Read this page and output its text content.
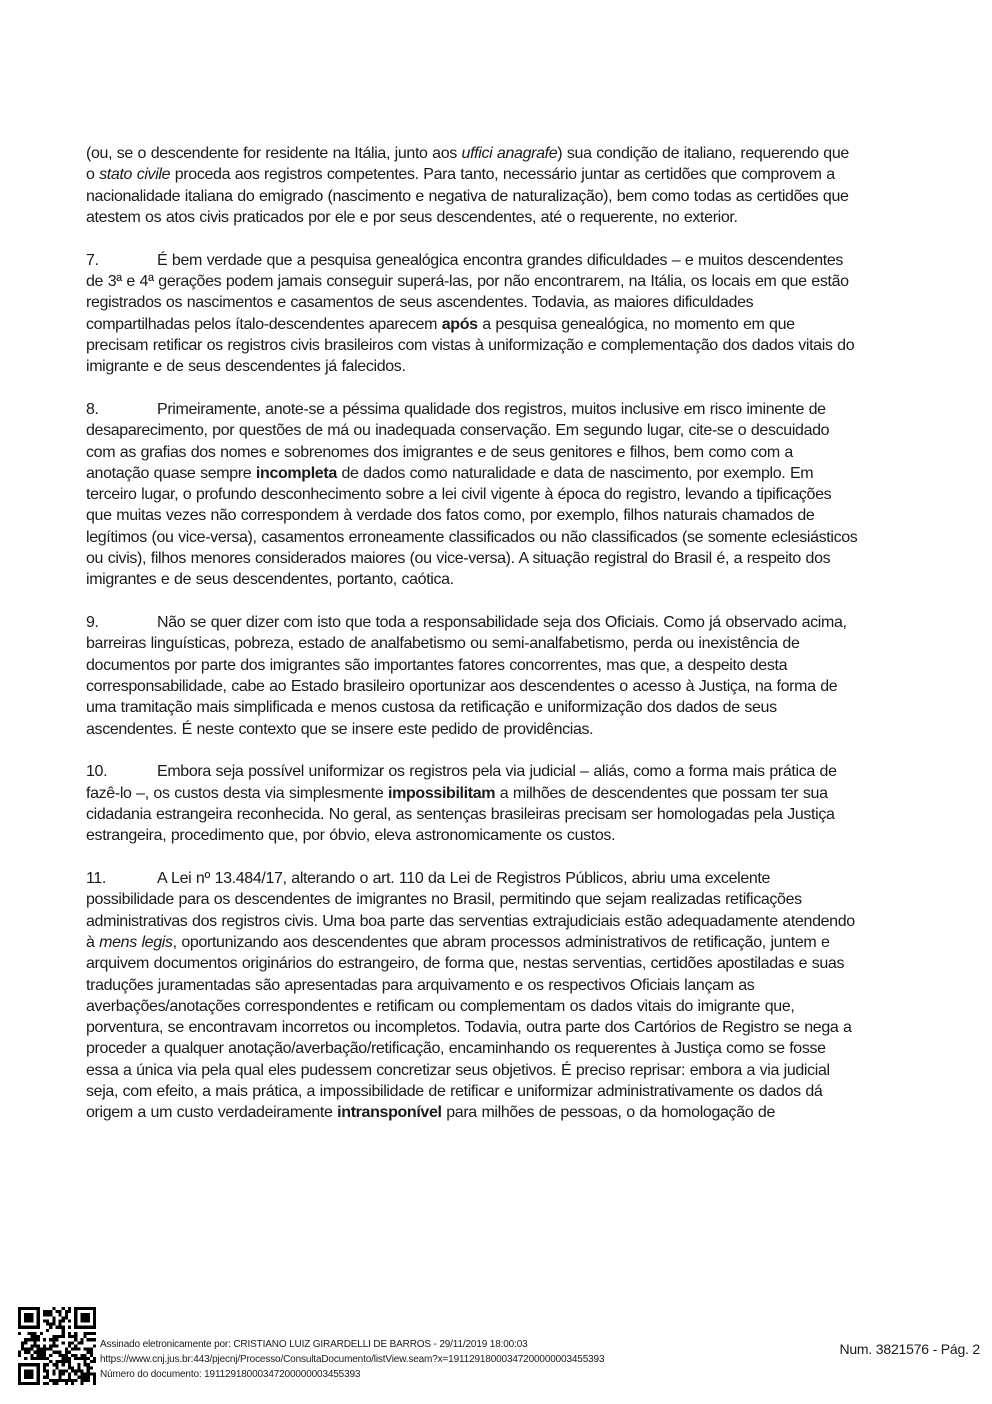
(ou, se o descendente for residente na Itália, junto aos uffici anagrafe) sua condição de italiano, requerendo que o stato civile proceda aos registros competentes. Para tanto, necessário juntar as certidões que comprovem a nacionalidade italiana do emigrado (nascimento e negativa de naturalização), bem como todas as certidões que atestem os atos civis praticados por ele e por seus descendentes, até o requerente, no exterior.

7.	É bem verdade que a pesquisa genealógica encontra grandes dificuldades – e muitos descendentes de 3ª e 4ª gerações podem jamais conseguir superá-las, por não encontrarem, na Itália, os locais em que estão registrados os nascimentos e casamentos de seus ascendentes. Todavia, as maiores dificuldades compartilhadas pelos ítalo-descendentes aparecem após a pesquisa genealógica, no momento em que precisam retificar os registros civis brasileiros com vistas à uniformização e complementação dos dados vitais do imigrante e de seus descendentes já falecidos.

8.	Primeiramente, anote-se a péssima qualidade dos registros, muitos inclusive em risco iminente de desaparecimento, por questões de má ou inadequada conservação. Em segundo lugar, cite-se o descuidado com as grafias dos nomes e sobrenomes dos imigrantes e de seus genitores e filhos, bem como com a anotação quase sempre incompleta de dados como naturalidade e data de nascimento, por exemplo. Em terceiro lugar, o profundo desconhecimento sobre a lei civil vigente à época do registro, levando a tipificações que muitas vezes não correspondem à verdade dos fatos como, por exemplo, filhos naturais chamados de legítimos (ou vice-versa), casamentos erroneamente classificados ou não classificados (se somente eclesiásticos ou civis), filhos menores considerados maiores (ou vice-versa). A situação registral do Brasil é, a respeito dos imigrantes e de seus descendentes, portanto, caótica.

9.	Não se quer dizer com isto que toda a responsabilidade seja dos Oficiais. Como já observado acima, barreiras linguísticas, pobreza, estado de analfabetismo ou semi-analfabetismo, perda ou inexistência de documentos por parte dos imigrantes são importantes fatores concorrentes, mas que, a despeito desta corresponsabilidade, cabe ao Estado brasileiro oportunizar aos descendentes o acesso à Justiça, na forma de uma tramitação mais simplificada e menos custosa da retificação e uniformização dos dados de seus ascendentes. É neste contexto que se insere este pedido de providências.

10.	Embora seja possível uniformizar os registros pela via judicial – aliás, como a forma mais prática de fazê-lo –, os custos desta via simplesmente impossibilitam a milhões de descendentes que possam ter sua cidadania estrangeira reconhecida. No geral, as sentenças brasileiras precisam ser homologadas pela Justiça estrangeira, procedimento que, por óbvio, eleva astronomicamente os custos.

11.	A Lei nº 13.484/17, alterando o art. 110 da Lei de Registros Públicos, abriu uma excelente possibilidade para os descendentes de imigrantes no Brasil, permitindo que sejam realizadas retificações administrativas dos registros civis. Uma boa parte das serventias extrajudiciais estão adequadamente atendendo à mens legis, oportunizando aos descendentes que abram processos administrativos de retificação, juntem e arquivem documentos originários do estrangeiro, de forma que, nestas serventias, certidões apostiladas e suas traduções juramentadas são apresentadas para arquivamento e os respectivos Oficiais lançam as averbações/anotações correspondentes e retificam ou complementam os dados vitais do imigrante que, porventura, se encontravam incorretos ou incompletos. Todavia, outra parte dos Cartórios de Registro se nega a proceder a qualquer anotação/averbação/retificação, encaminhando os requerentes à Justiça como se fosse essa a única via pela qual eles pudessem concretizar seus objetivos. É preciso reprisar: embora a via judicial seja, com efeito, a mais prática, a impossibilidade de retificar e uniformizar administrativamente os dados dá origem a um custo verdadeiramente intransponível para milhões de pessoas, o da homologação de

Assinado eletronicamente por: CRISTIANO LUIZ GIRARDELLI DE BARROS - 29/11/2019 18:00:03
https://www.cnj.jus.br:443/pjecnj/Processo/ConsultaDocumento/listView.seam?x=19112918000347200000003455393
Número do documento: 19112918000347200000003455393
Num. 3821576 - Pág. 2
